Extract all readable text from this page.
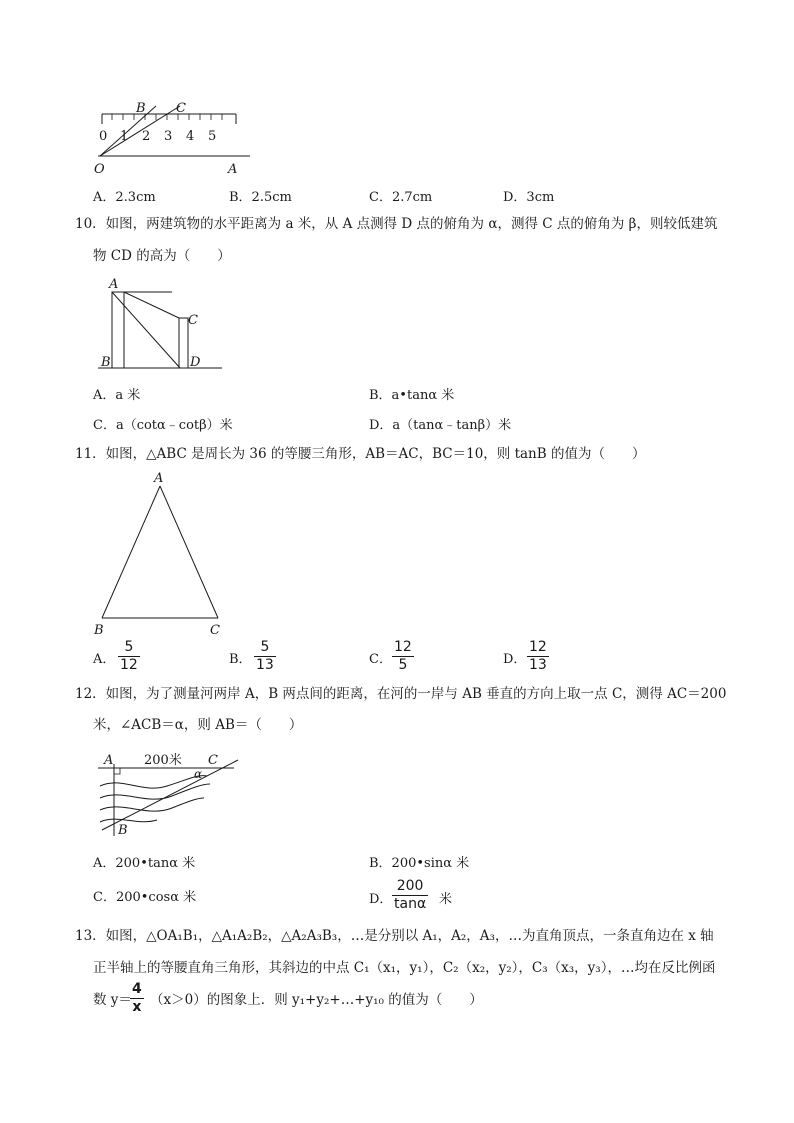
B C
0 1 2 3 4 5
O	A
A．2.3cm	B．2.5cm	C．2.7cm	D．3cm
10．如图，两建筑物的水平距离为 a 米，从 A 点测得 D 点的俯角为 α，测得 C 点的俯角为 β，则较低建筑
物 CD 的高为（　　）
A
B
C
D
A．a 米	B．a•tanα 米
C．a（cotα﹣cotβ）米	D．a（tanα﹣tanβ）米
11．如图，△ABC 是周长为 36 的等腰三角形，AB＝AC，BC＝10，则 tanB 的值为（　　）
A
B	C
A．
5
12	B．
5
13	C．
12
5	D．
12
13
12．如图，为了测量河两岸 A，B 两点间的距离，在河的一岸与 AB 垂直的方向上取一点 C，测得 AC＝200
米，∠ACB＝α，则 AB＝（　　）
A 200米 C
α
B
A．200•tanα 米	B．200•sinα 米
C．200•cosα 米	D．
200
tanα 米
13．如图，△OA₁B₁，△A₁A₂B₂，△A₂A₃B₃，…是分别以 A₁，A₂，A₃，…为直角顶点，一条直角边在 x 轴
正半轴上的等腰直角三角形，其斜边的中点 C₁（x₁，y₁），C₂（x₂，y₂），C₃（x₃，y₃），…均在反比例函
数 y＝
4
x （x＞0）的图象上．则 y₁+y₂+…+y₁₀ 的值为（　　）
